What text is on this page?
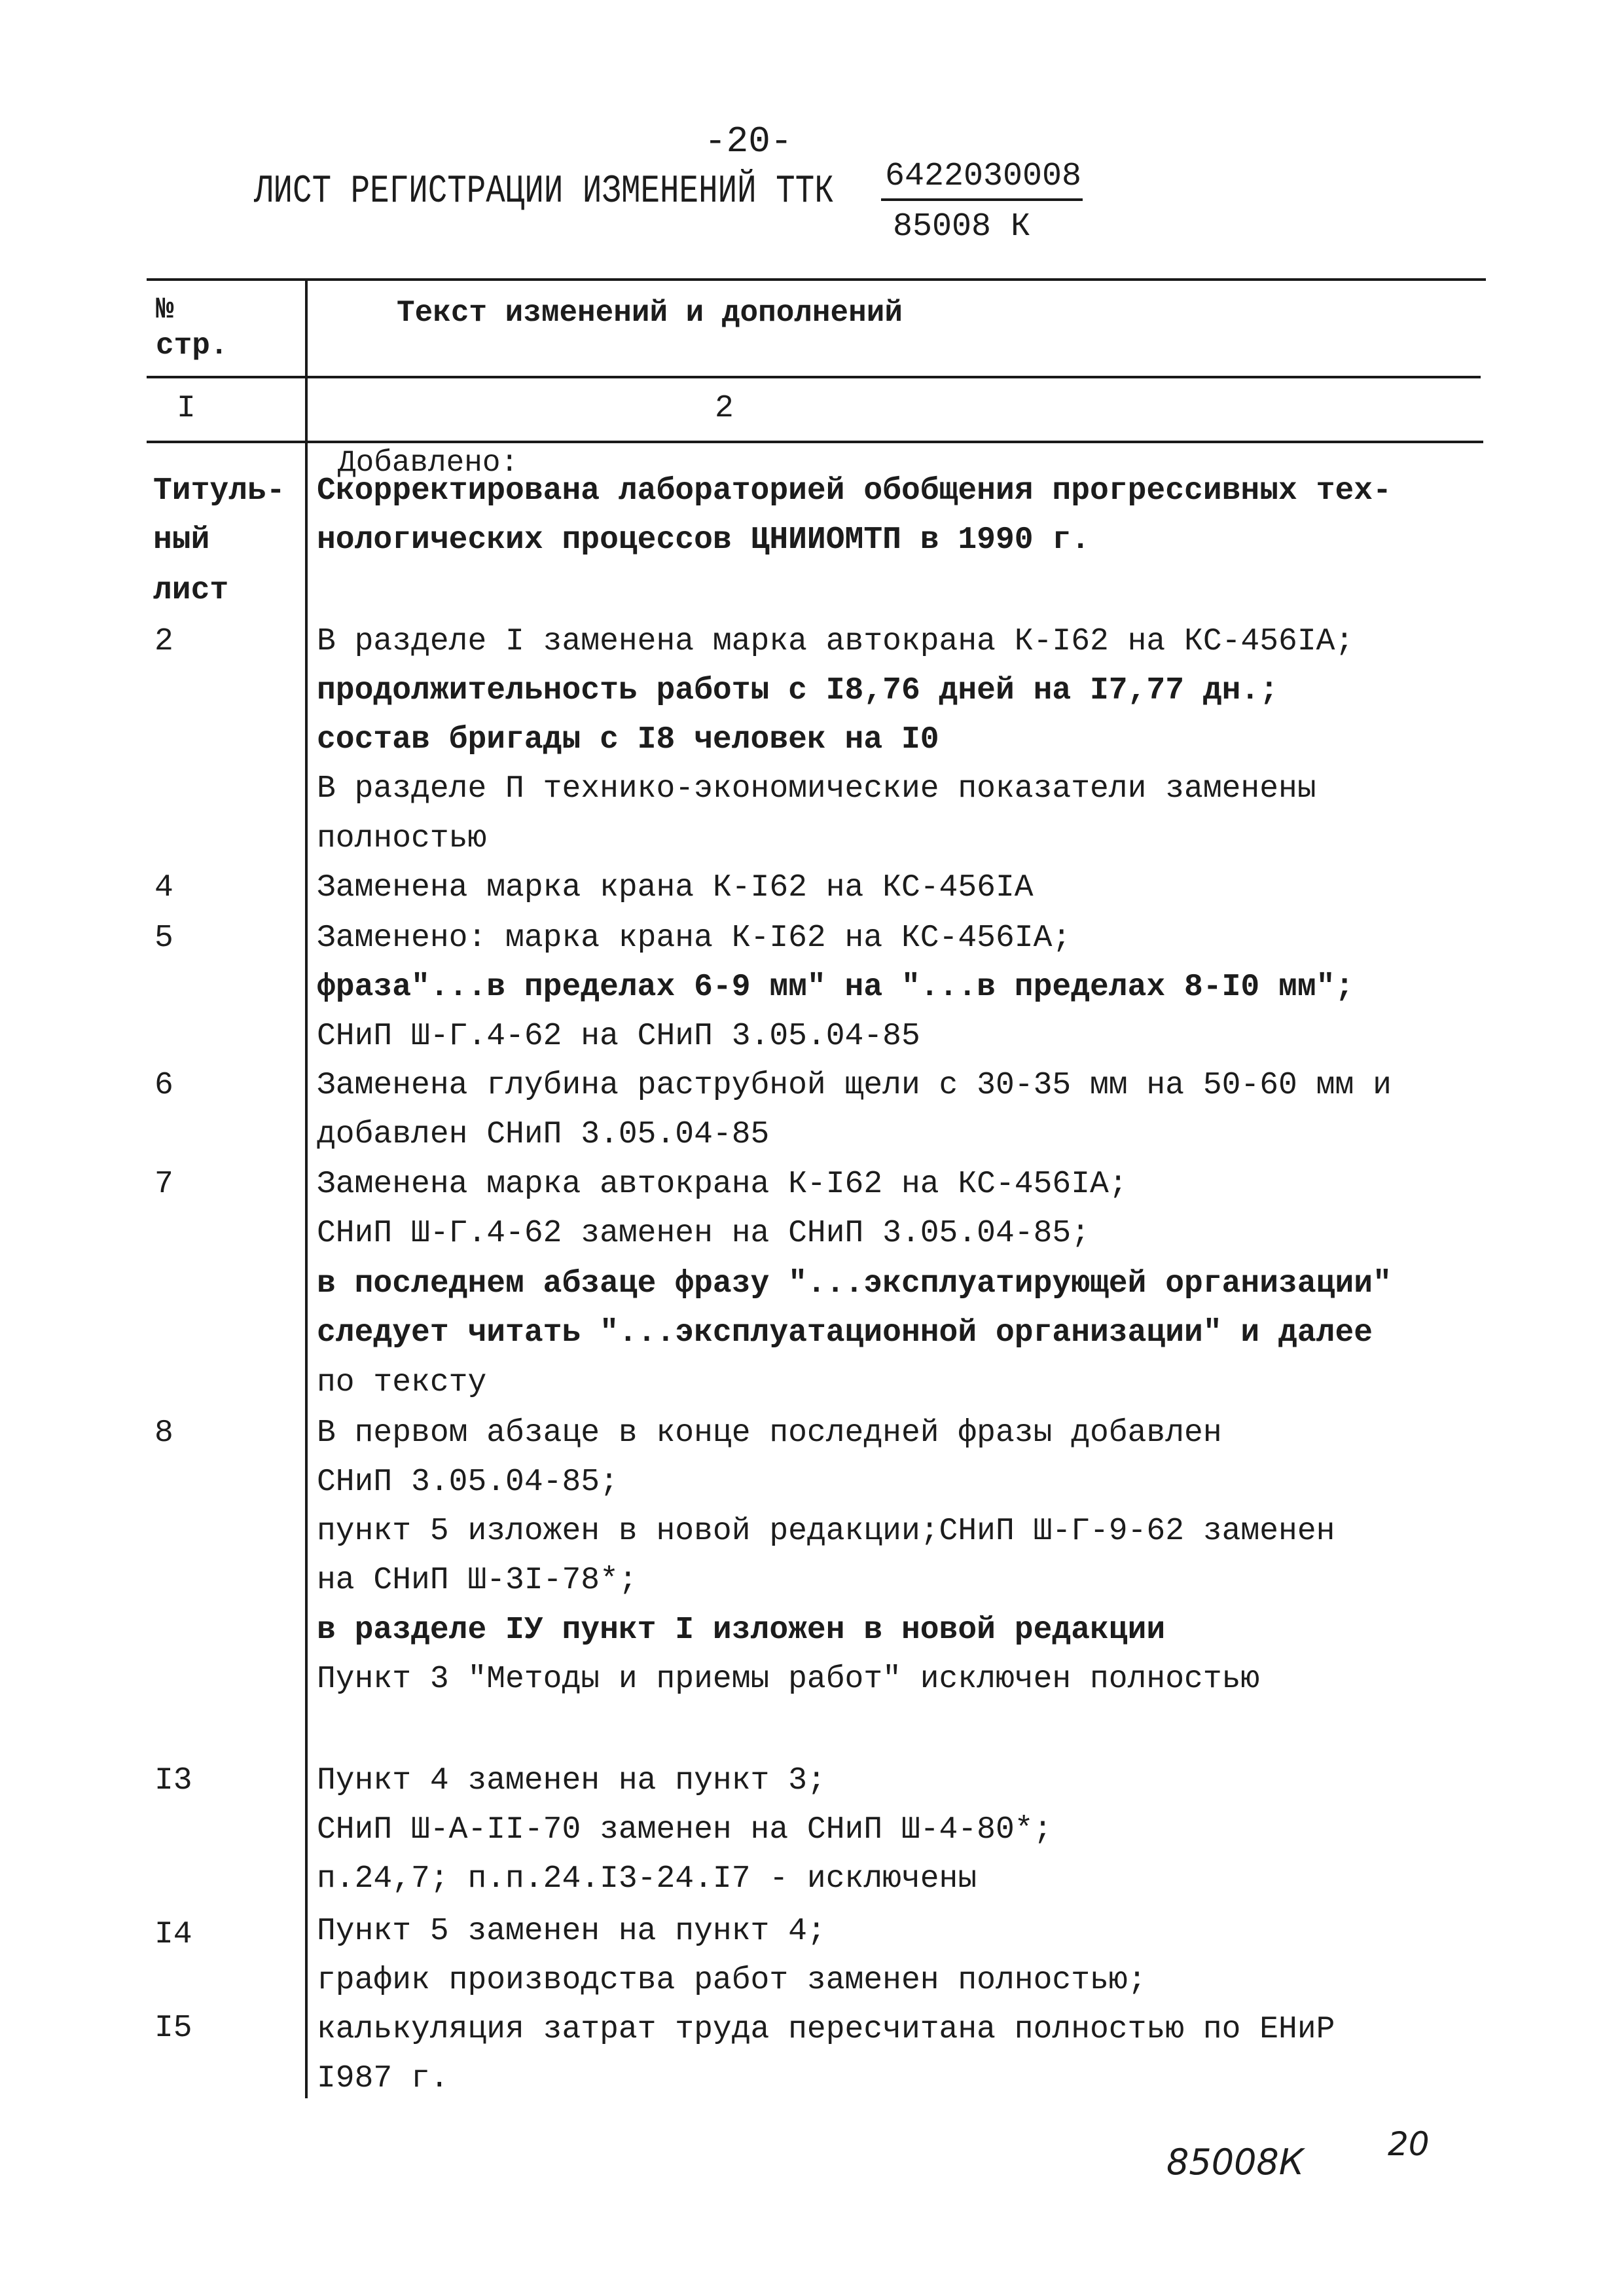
-20-
ЛИСТ РЕГИСТРАЦИИ ИЗМЕНЕНИЙ ТТК 6422030008
85008 К
№
стр.
Текст изменений и дополнений
I	2
Титуль-
ный
лист
2
4
5
6
7
8
I3
I4
I5
Добавлено:
Скорректирована лабораторией обобщения прогрессивных тех-
нологических процессов ЦНИИОМТП в 1990 г.
В разделе I заменена марка автокрана К-I62 на КС-456IА;
продолжительность работы с I8,76 дней на I7,77 дн.;
состав бригады с I8 человек на I0
В разделе П технико-экономические показатели заменены
полностью
Заменена марка крана К-I62 на КС-456IА
Заменено: марка крана К-I62 на КС-456IА;
фраза"...в пределах 6-9 мм" на "...в пределах 8-I0 мм";
СНиП Ш-Г.4-62 на СНиП 3.05.04-85
Заменена глубина раструбной щели с 30-35 мм на 50-60 мм и
добавлен СНиП 3.05.04-85
Заменена марка автокрана К-I62 на КС-456IА;
СНиП Ш-Г.4-62 заменен на СНиП 3.05.04-85;
в последнем абзаце фразу "...эксплуатирующей организации"
следует читать "...эксплуатационной организации" и далее
по тексту
В первом абзаце в конце последней фразы добавлен
СНиП 3.05.04-85;
пункт 5 изложен в новой редакции;СНиП Ш-Г-9-62 заменен
на СНиП Ш-3I-78*;
в разделе IУ пункт I изложен в новой редакции
Пункт 3 "Методы и приемы работ" исключен полностью
Пункт 4 заменен на пункт 3;
СНиП Ш-А-II-70 заменен на СНиП Ш-4-80*;
п.24,7; п.п.24.I3-24.I7 - исключены
Пункт 5 заменен на пункт 4;
график производства работ заменен полностью;
калькуляция затрат труда пересчитана полностью по ЕНиР
I987 г.
85008К	20
